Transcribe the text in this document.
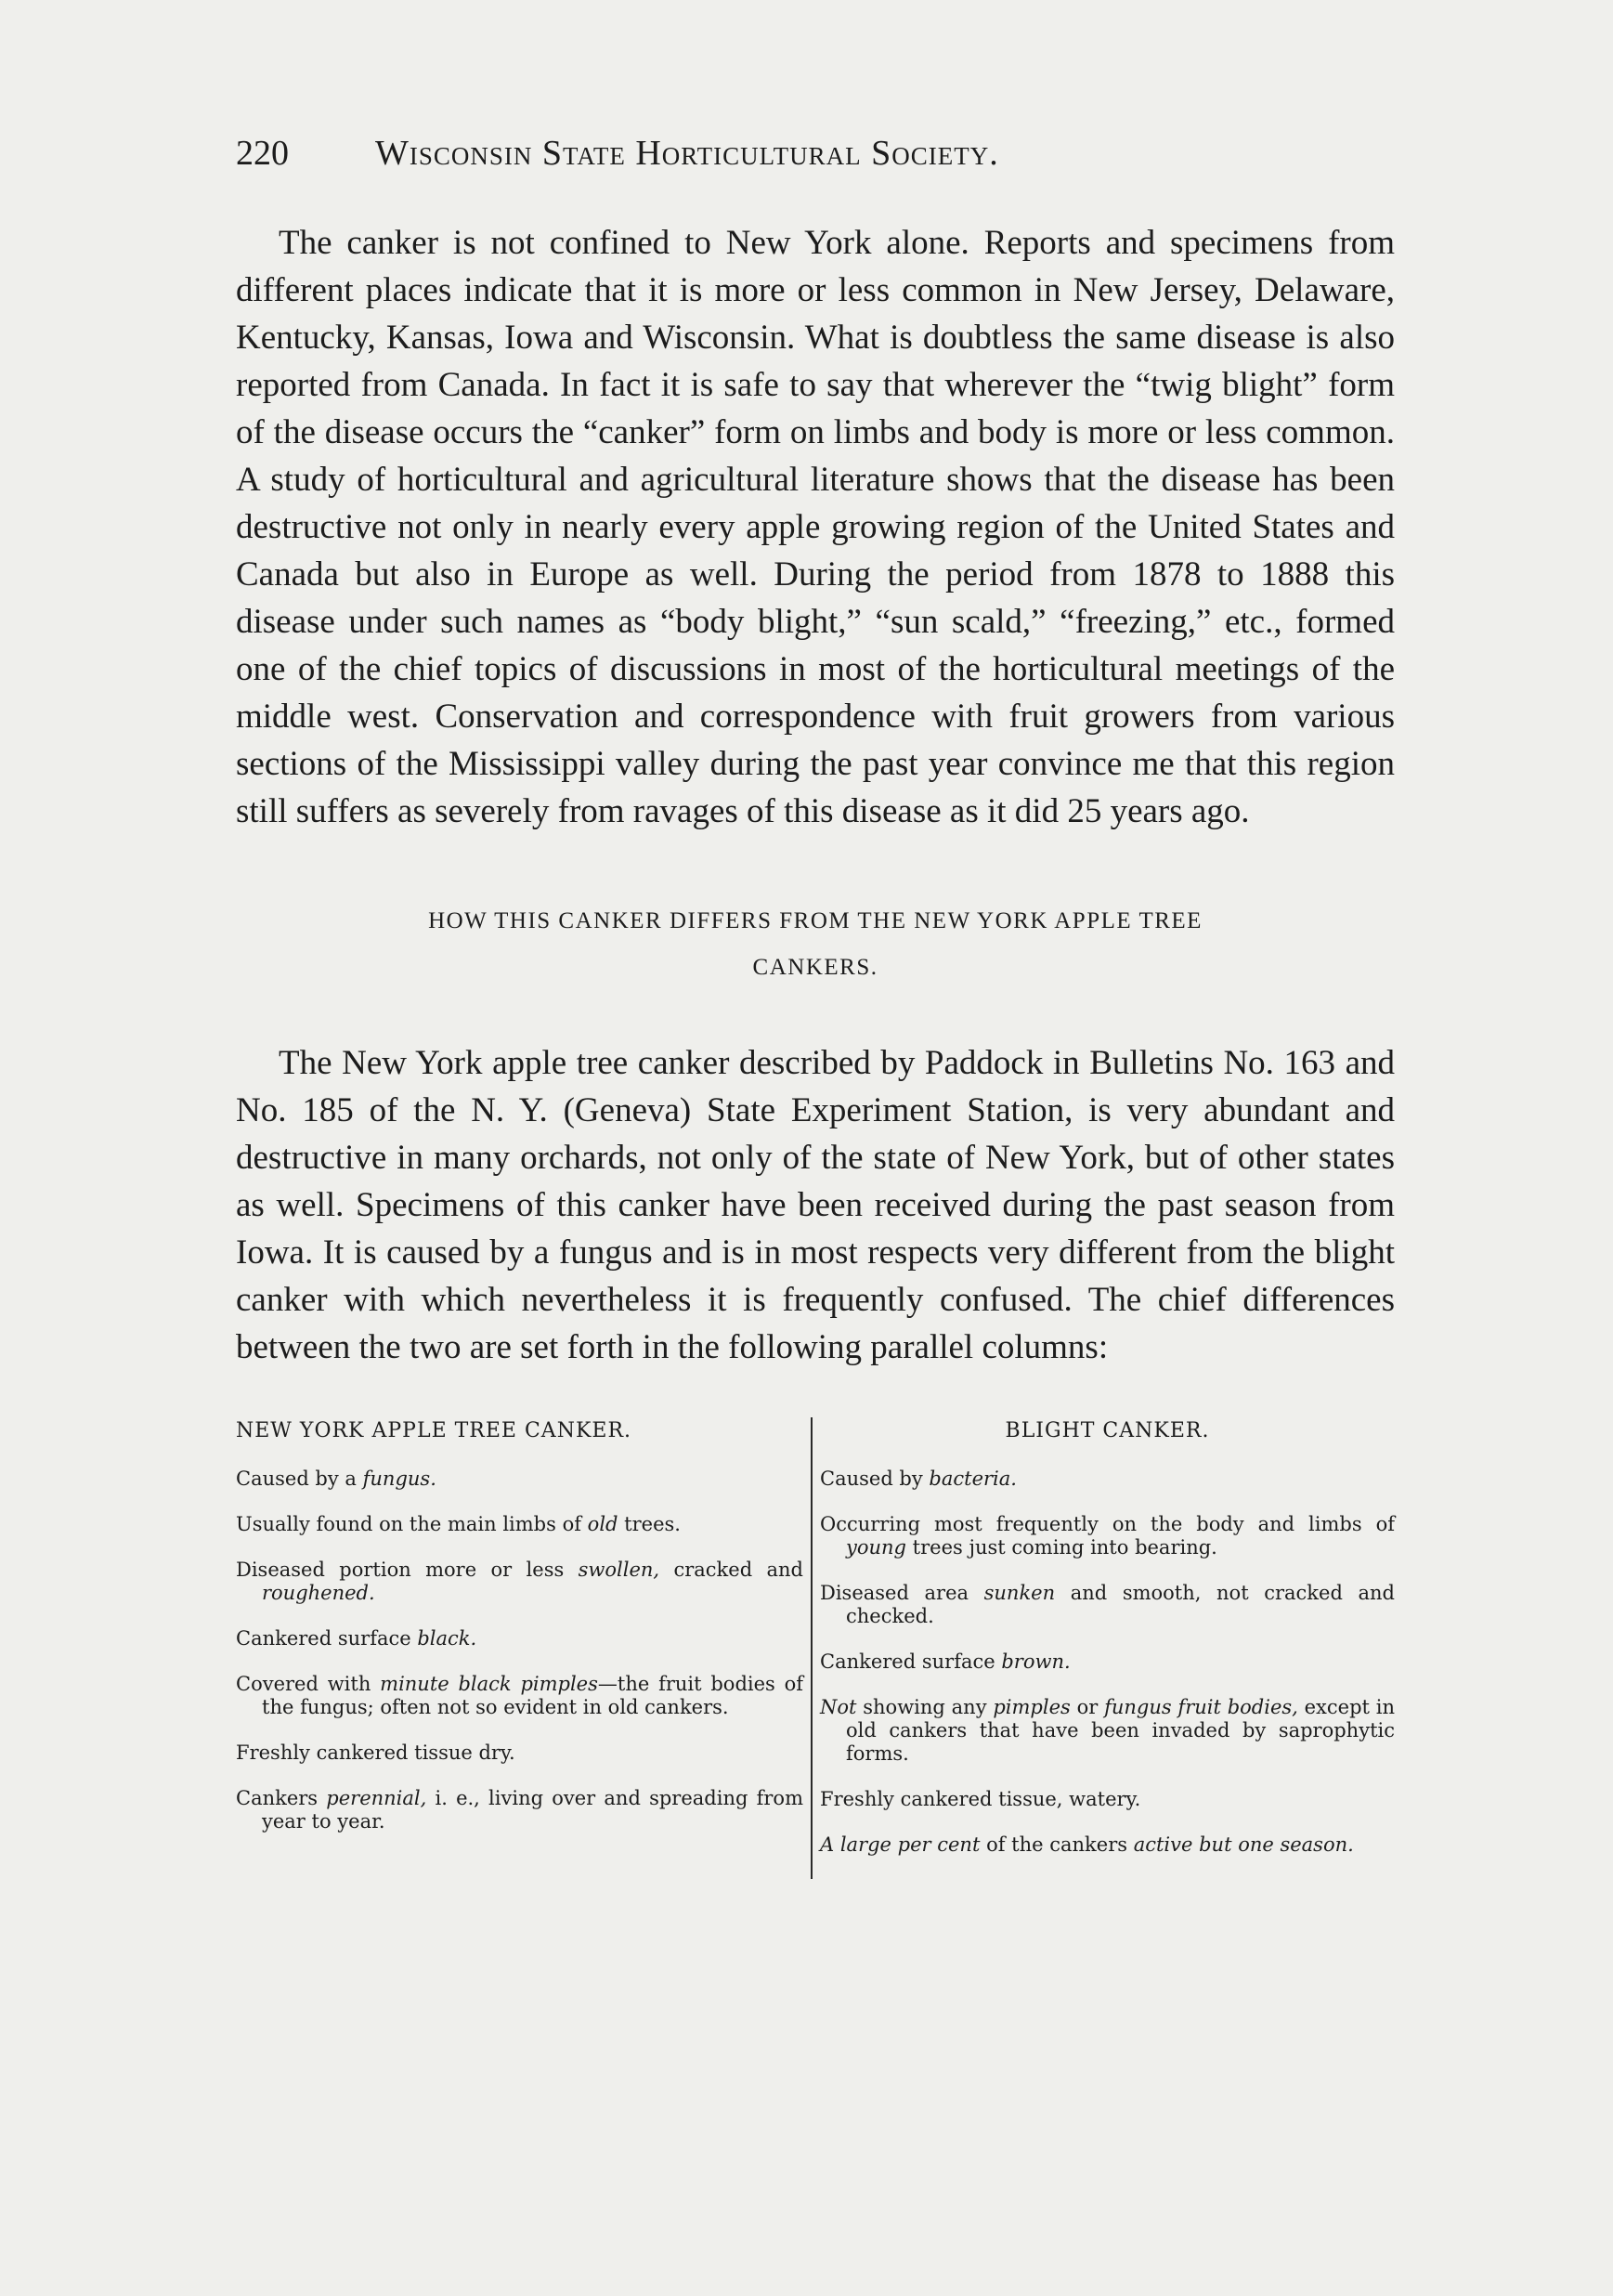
220 Wisconsin State Horticultural Society.

The canker is not confined to New York alone. Reports and specimens from different places indicate that it is more or less common in New Jersey, Delaware, Kentucky, Kansas, Iowa and Wisconsin. What is doubtless the same disease is also reported from Canada. In fact it is safe to say that wherever the “twig blight” form of the disease occurs the “canker” form on limbs and body is more or less common. A study of horticultural and agricultural literature shows that the disease has been destructive not only in nearly every apple growing region of the United States and Canada but also in Europe as well. During the period from 1878 to 1888 this disease under such names as “body blight,” “sun scald,” “freezing,” etc., formed one of the chief topics of discussions in most of the horticultural meetings of the middle west. Conservation and correspondence with fruit growers from various sections of the Mississippi valley during the past year convince me that this region still suffers as severely from ravages of this disease as it did 25 years ago.

HOW THIS CANKER DIFFERS FROM THE NEW YORK APPLE TREE
CANKERS.

The New York apple tree canker described by Paddock in Bulletins No. 163 and No. 185 of the N. Y. (Geneva) State Experiment Station, is very abundant and destructive in many orchards, not only of the state of New York, but of other states as well. Specimens of this canker have been received during the past season from Iowa. It is caused by a fungus and is in most respects very different from the blight canker with which nevertheless it is frequently confused. The chief differences between the two are set forth in the following parallel columns:

NEW YORK APPLE TREE CANKER.
Caused by a fungus.
Usually found on the main limbs of old trees.
Diseased portion more or less swollen, cracked and roughened.
Cankered surface black.
Covered with minute black pimples—the fruit bodies of the fungus; often not so evident in old cankers.
Freshly cankered tissue dry.
Cankers perennial, i. e., living over and spreading from year to year.
BLIGHT CANKER.
Caused by bacteria.
Occurring most frequently on the body and limbs of young trees just coming into bearing.
Diseased area sunken and smooth, not cracked and checked.
Cankered surface brown.
Not showing any pimples or fungus fruit bodies, except in old cankers that have been invaded by saprophytic forms.
Freshly cankered tissue, watery.
A large per cent of the cankers active but one season.
